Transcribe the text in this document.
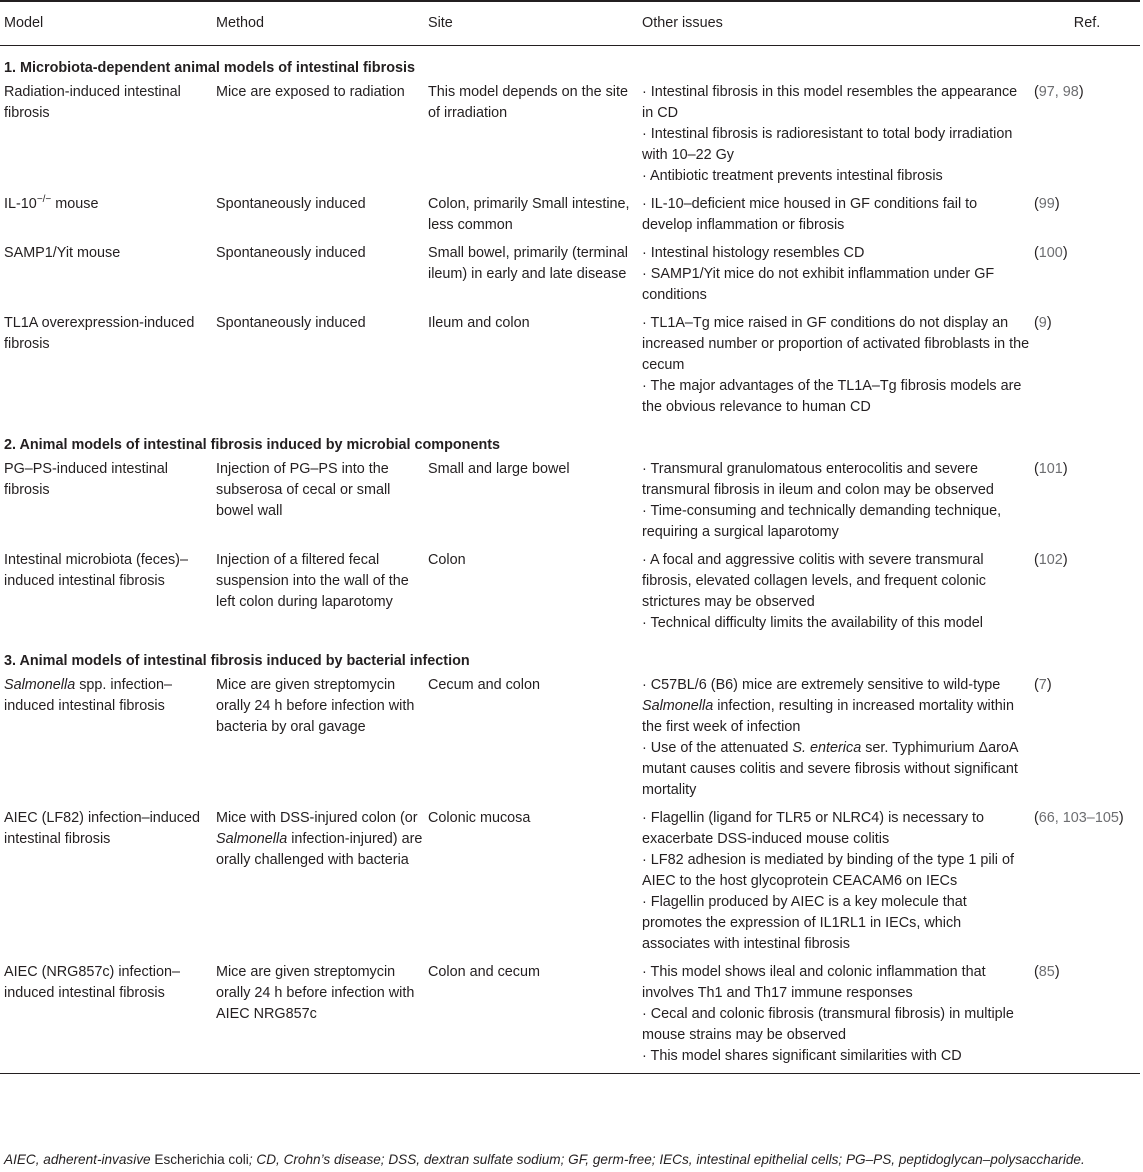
Model	Method	Site	Other issues	Ref.
1. Microbiota-dependent animal models of intestinal fibrosis				
Radiation-induced intestinal fibrosis	Mice are exposed to radiation	This model depends on the site of irradiation	· Intestinal fibrosis in this model resembles the appearance in CD
· Intestinal fibrosis is radioresistant to total body irradiation with 10–22 Gy
· Antibiotic treatment prevents intestinal fibrosis	(97, 98)
IL-10−/− mouse	Spontaneously induced	Colon, primarily Small intestine, less common	· IL-10–deficient mice housed in GF conditions fail to develop inflammation or fibrosis	(99)
SAMP1/Yit mouse	Spontaneously induced	Small bowel, primarily (terminal ileum) in early and late disease	· Intestinal histology resembles CD
· SAMP1/Yit mice do not exhibit inflammation under GF conditions	(100)
TL1A overexpression-induced fibrosis	Spontaneously induced	Ileum and colon	· TL1A–Tg mice raised in GF conditions do not display an increased number or proportion of activated fibroblasts in the cecum
· The major advantages of the TL1A–Tg fibrosis models are the obvious relevance to human CD	(9)
2. Animal models of intestinal fibrosis induced by microbial components				
PG–PS-induced intestinal fibrosis	Injection of PG–PS into the subserosa of cecal or small bowel wall	Small and large bowel	· Transmural granulomatous enterocolitis and severe transmural fibrosis in ileum and colon may be observed
· Time-consuming and technically demanding technique, requiring a surgical laparotomy	(101)
Intestinal microbiota (feces)–induced intestinal fibrosis	Injection of a filtered fecal suspension into the wall of the left colon during laparotomy	Colon	· A focal and aggressive colitis with severe transmural fibrosis, elevated collagen levels, and frequent colonic strictures may be observed
· Technical difficulty limits the availability of this model	(102)
3. Animal models of intestinal fibrosis induced by bacterial infection				
Salmonella spp. infection–induced intestinal fibrosis	Mice are given streptomycin orally 24 h before infection with bacteria by oral gavage	Cecum and colon	· C57BL/6 (B6) mice are extremely sensitive to wild-type Salmonella infection, resulting in increased mortality within the first week of infection
· Use of the attenuated S. enterica ser. Typhimurium ΔaroA mutant causes colitis and severe fibrosis without significant mortality	(7)
AIEC (LF82) infection–induced intestinal fibrosis	Mice with DSS-injured colon (or Salmonella infection-injured) are orally challenged with bacteria	Colonic mucosa	· Flagellin (ligand for TLR5 or NLRC4) is necessary to exacerbate DSS-induced mouse colitis
· LF82 adhesion is mediated by binding of the type 1 pili of AIEC to the host glycoprotein CEACAM6 on IECs
· Flagellin produced by AIEC is a key molecule that promotes the expression of IL1RL1 in IECs, which associates with intestinal fibrosis	(66, 103–105)
AIEC (NRG857c) infection–induced intestinal fibrosis	Mice are given streptomycin orally 24 h before infection with AIEC NRG857c	Colon and cecum	· This model shows ileal and colonic inflammation that involves Th1 and Th17 immune responses
· Cecal and colonic fibrosis (transmural fibrosis) in multiple mouse strains may be observed
· This model shares significant similarities with CD	(85)
AIEC, adherent-invasive Escherichia coli; CD, Crohn’s disease; DSS, dextran sulfate sodium; GF, germ-free; IECs, intestinal epithelial cells; PG–PS, peptidoglycan–polysaccharide.
